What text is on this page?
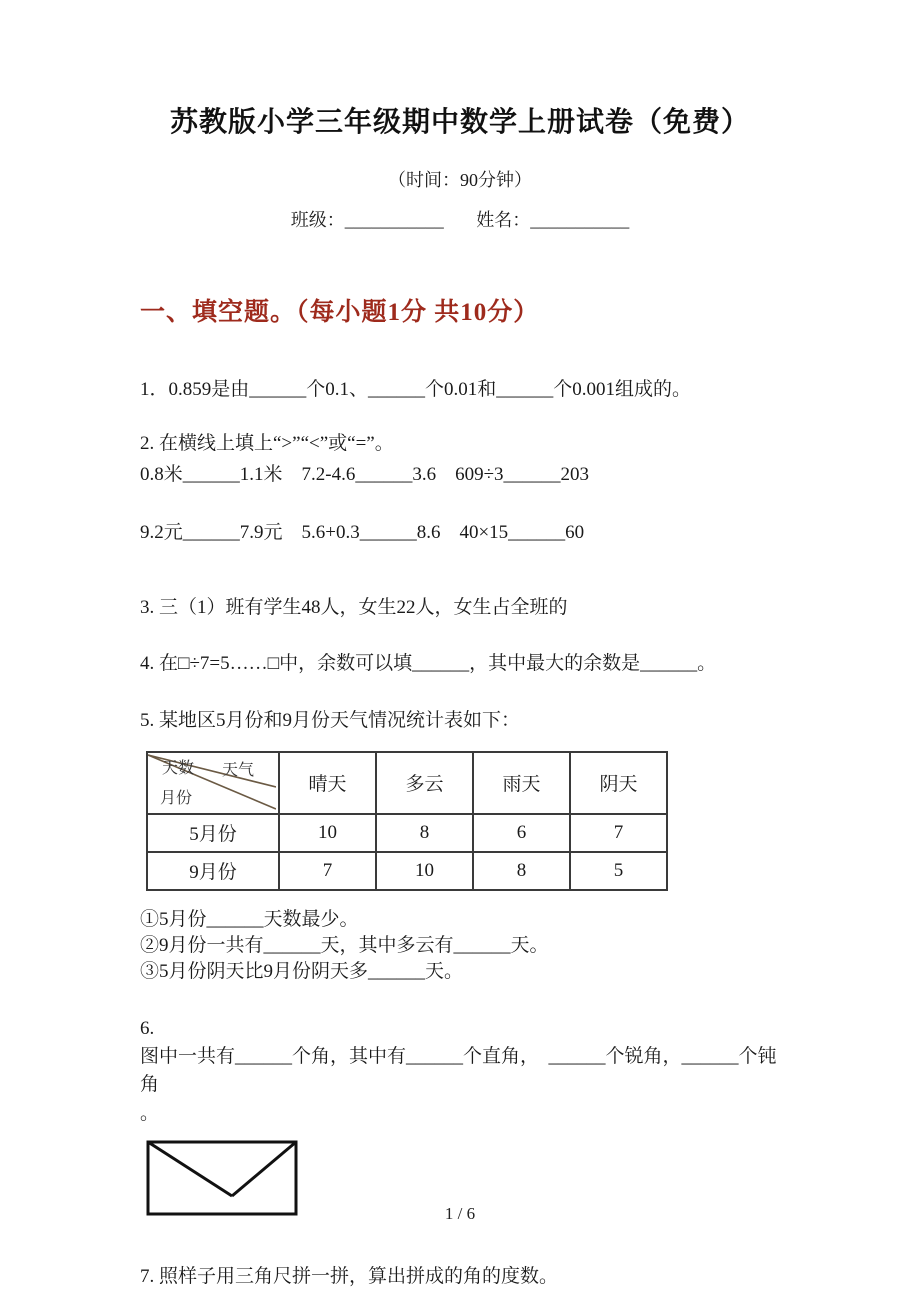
苏教版小学三年级期中数学上册试卷（免费）
（时间：90分钟）
班级：___________ 姓名：___________
一、填空题。（每小题1分 共10分）

1．0.859是由______个0.1、______个0.01和______个0.001组成的。

2. 在横线上填上“>”“<”或“=”。

0.8米______1.1米　7.2-4.6______3.6　609÷3______203

9.2元______7.9元　5.6+0.3______8.6　40×15______60

3. 三（1）班有学生48人，女生22人，女生占全班的

4. 在□÷7=5……□中，余数可以填______，其中最大的余数是______。

5. 某地区5月份和9月份天气情况统计表如下：

天数 天气
月份	晴天	多云	雨天	阴天
5月份	10	8	6	7
9月份	7	10	8	5

①5月份______天数最少。

②9月份一共有______天，其中多云有______天。

③5月份阴天比9月份阴天多______天。

6.

图中一共有______个角，其中有______个直角，　______个锐角，______个钝角

。

7. 照样子用三角尺拼一拼，算出拼成的角的度数。

1 / 6
